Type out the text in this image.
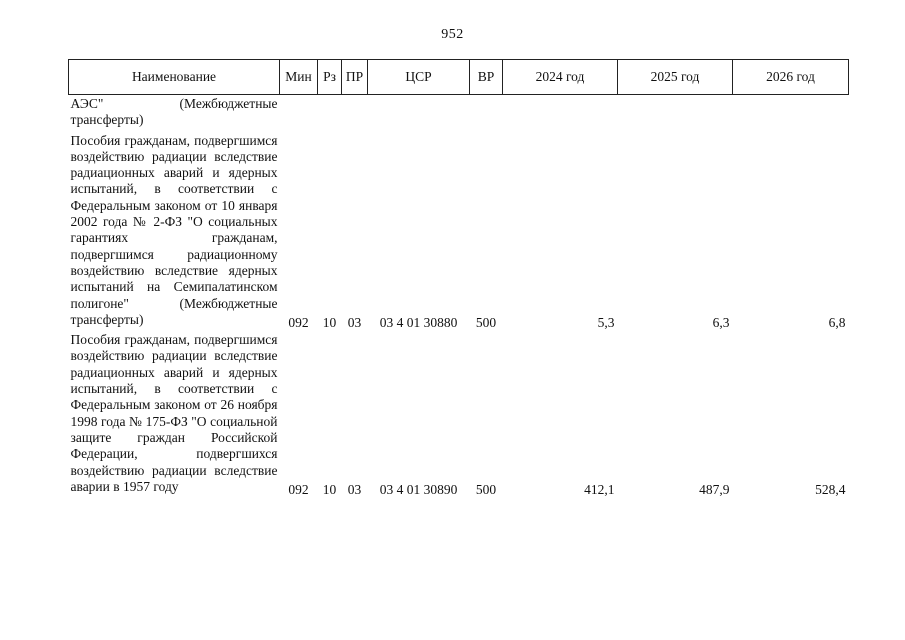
952
Наименование	Мин	Рз	ПР	ЦСР	ВР	2024 год	2025 год	2026 год

АЭС" (Межбюджетные трансферты)								

Пособия гражданам, подвергшимся воздействию радиации вследствие радиационных аварий и ядерных испытаний, в соответствии с Федеральным законом от 10 января 2002 года № 2-ФЗ "О социальных гарантиях гражданам, подвергшимся радиационному воздействию вследствие ядерных испытаний на Семипалатинском полигоне" (Межбюджетные трансферты)	092	10	03	03 4 01 30880	500	5,3	6,3	6,8

Пособия гражданам, подвергшимся воздействию радиации вследствие радиационных аварий и ядерных испытаний, в соответствии с Федеральным законом от 26 ноября 1998 года № 175-ФЗ "О социальной защите граждан Российской Федерации, подвергшихся воздействию радиации вследствие аварии в 1957 году	092	10	03	03 4 01 30890	500	412,1	487,9	528,4
